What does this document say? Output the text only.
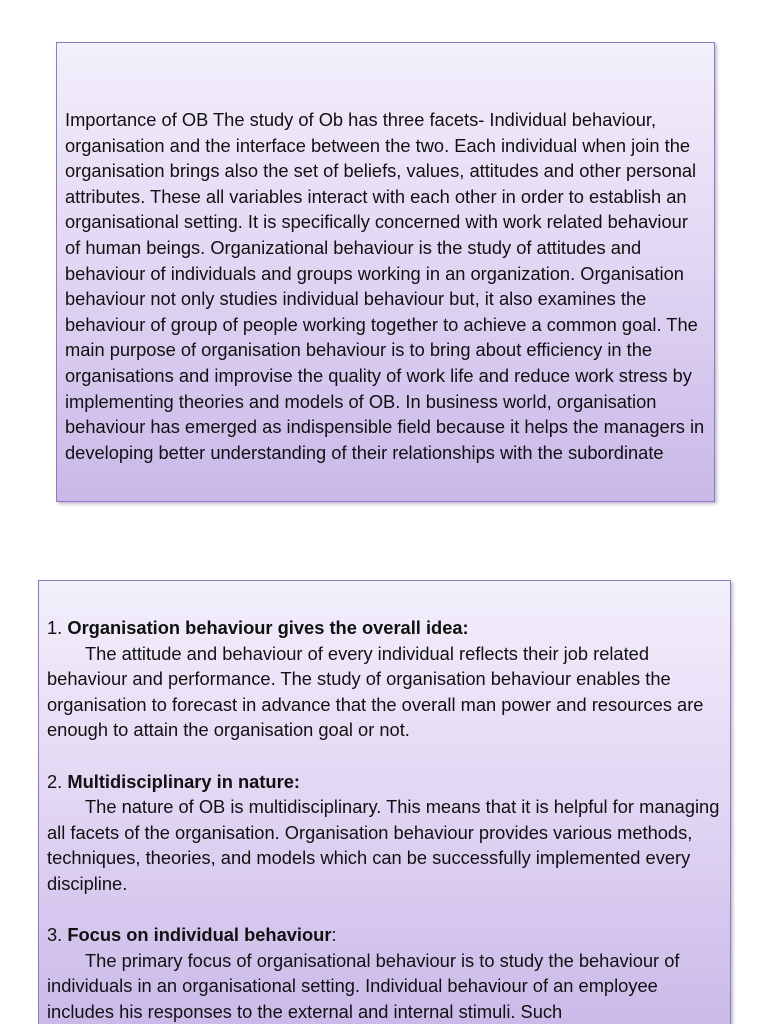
Importance of OB The study of Ob has three facets- Individual behaviour, organisation and the interface between the two. Each individual when join the organisation brings also the set of beliefs, values, attitudes and other personal attributes. These all variables interact with each other in order to establish an organisational setting. It is specifically concerned with work related behaviour of human beings. Organizational behaviour is the study of attitudes and behaviour of individuals and groups working in an organization. Organisation behaviour not only studies individual behaviour but, it also examines the behaviour of group of people working together to achieve a common goal. The main purpose of organisation behaviour is to bring about efficiency in the organisations and improvise the quality of work life and reduce work stress by implementing theories and models of OB. In business world, organisation behaviour has emerged as indispensible field because it helps the managers in developing better understanding of their relationships with the subordinate

1. Organisation behaviour gives the overall idea:
The attitude and behaviour of every individual reflects their job related behaviour and performance. The study of organisation behaviour enables the organisation to forecast in advance that the overall man power and resources are enough to attain the organisation goal or not.
2. Multidisciplinary in nature:
The nature of OB is multidisciplinary. This means that it is helpful for managing all facets of the organisation. Organisation behaviour provides various methods, techniques, theories, and models which can be successfully implemented every discipline.
3. Focus on individual behaviour:
The primary focus of organisational behaviour is to study the behaviour of individuals in an organisational setting. Individual behaviour of an employee includes his responses to the external and internal stimuli. Such
